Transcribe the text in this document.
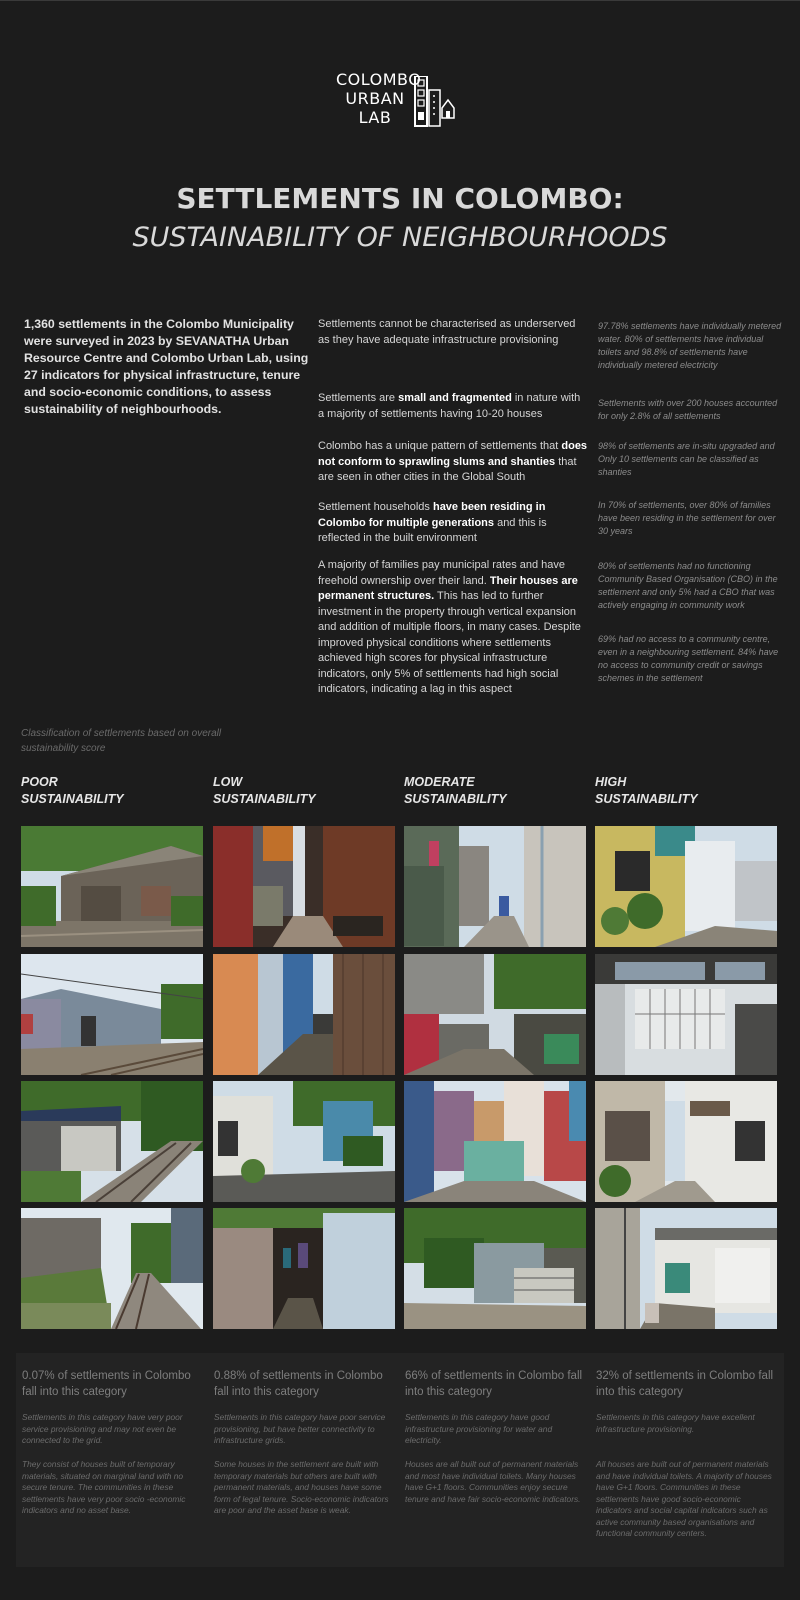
COLOMBO
URBAN
LAB
SETTLEMENTS IN COLOMBO:
SUSTAINABILITY OF NEIGHBOURHOODS

1,360 settlements in the Colombo Municipality were surveyed in 2023 by SEVANATHA Urban Resource Centre and Colombo Urban Lab, using 27 indicators for physical infrastructure, tenure and socio-economic conditions, to assess sustainability of neighbourhoods.

Settlements cannot be characterised as underserved as they have adequate infrastructure provisioning

Settlements are small and fragmented in nature with a majority of settlements having 10-20 houses

Colombo has a unique pattern of settlements that does not conform to sprawling slums and shanties that are seen in other cities in the Global South

Settlement households have been residing in Colombo for multiple generations and this is reflected in the built environment

A majority of families pay municipal rates and have freehold ownership over their land. Their houses are permanent structures. This has led to further investment in the property through vertical expansion and addition of multiple floors, in many cases. Despite improved physical conditions where settlements achieved high scores for physical infrastructure indicators, only 5% of settlements had high social indicators, indicating a lag in this aspect

97.78% settlements have individually metered water. 80% of settlements have individual toilets and 98.8% of settlements have individually metered electricity

Settlements with over 200 houses accounted for only 2.8% of all settlements

98% of settlements are in-situ upgraded and Only 10 settlements can be classified as shanties

In 70% of settlements, over 80% of families have been residing in the settlement for over 30 years

80% of settlements had no functioning Community Based Organisation (CBO) in the settlement and only 5% had a CBO that was actively engaging in community work

69% had no access to a community centre, even in a neighbouring settlement. 84% have no access to community credit or savings schemes in the settlement

Classification of settlements based on overall sustainability score

POOR
SUSTAINABILITY
LOW
SUSTAINABILITY
MODERATE
SUSTAINABILITY
HIGH
SUSTAINABILITY

0.07% of settlements in Colombo fall into this category

0.88% of settlements in Colombo fall into this category

66% of settlements in Colombo fall into this category

32% of settlements in Colombo fall into this category

Settlements in this category have very poor service provisioning and may not even be connected to the grid.

Settlements in this category have poor service provisioning, but have better connectivity to infrastructure grids.

Settlements in this category have good infrastructure provisioning for water and electricity.

Settlements in this category have excellent infrastructure provisioning.

They consist of houses built of temporary materials, situated on marginal land with no secure tenure. The communities in these settlements have very poor socio -economic indicators and no asset base.

Some houses in the settlement are built with temporary materials but others are built with permanent materials, and houses have some form of legal tenure. Socio-economic indicators are poor and the asset base is weak.

Houses are all built out of permanent materials and most have individual toilets. Many houses have G+1 floors. Communities enjoy secure tenure and have fair socio-economic indicators.

All houses are built out of permanent materials and have individual toilets. A majority of houses have G+1 floors. Communities in these settlements have good socio-economic indicators and social capital indicators such as active community based organisations and functional community centers.
